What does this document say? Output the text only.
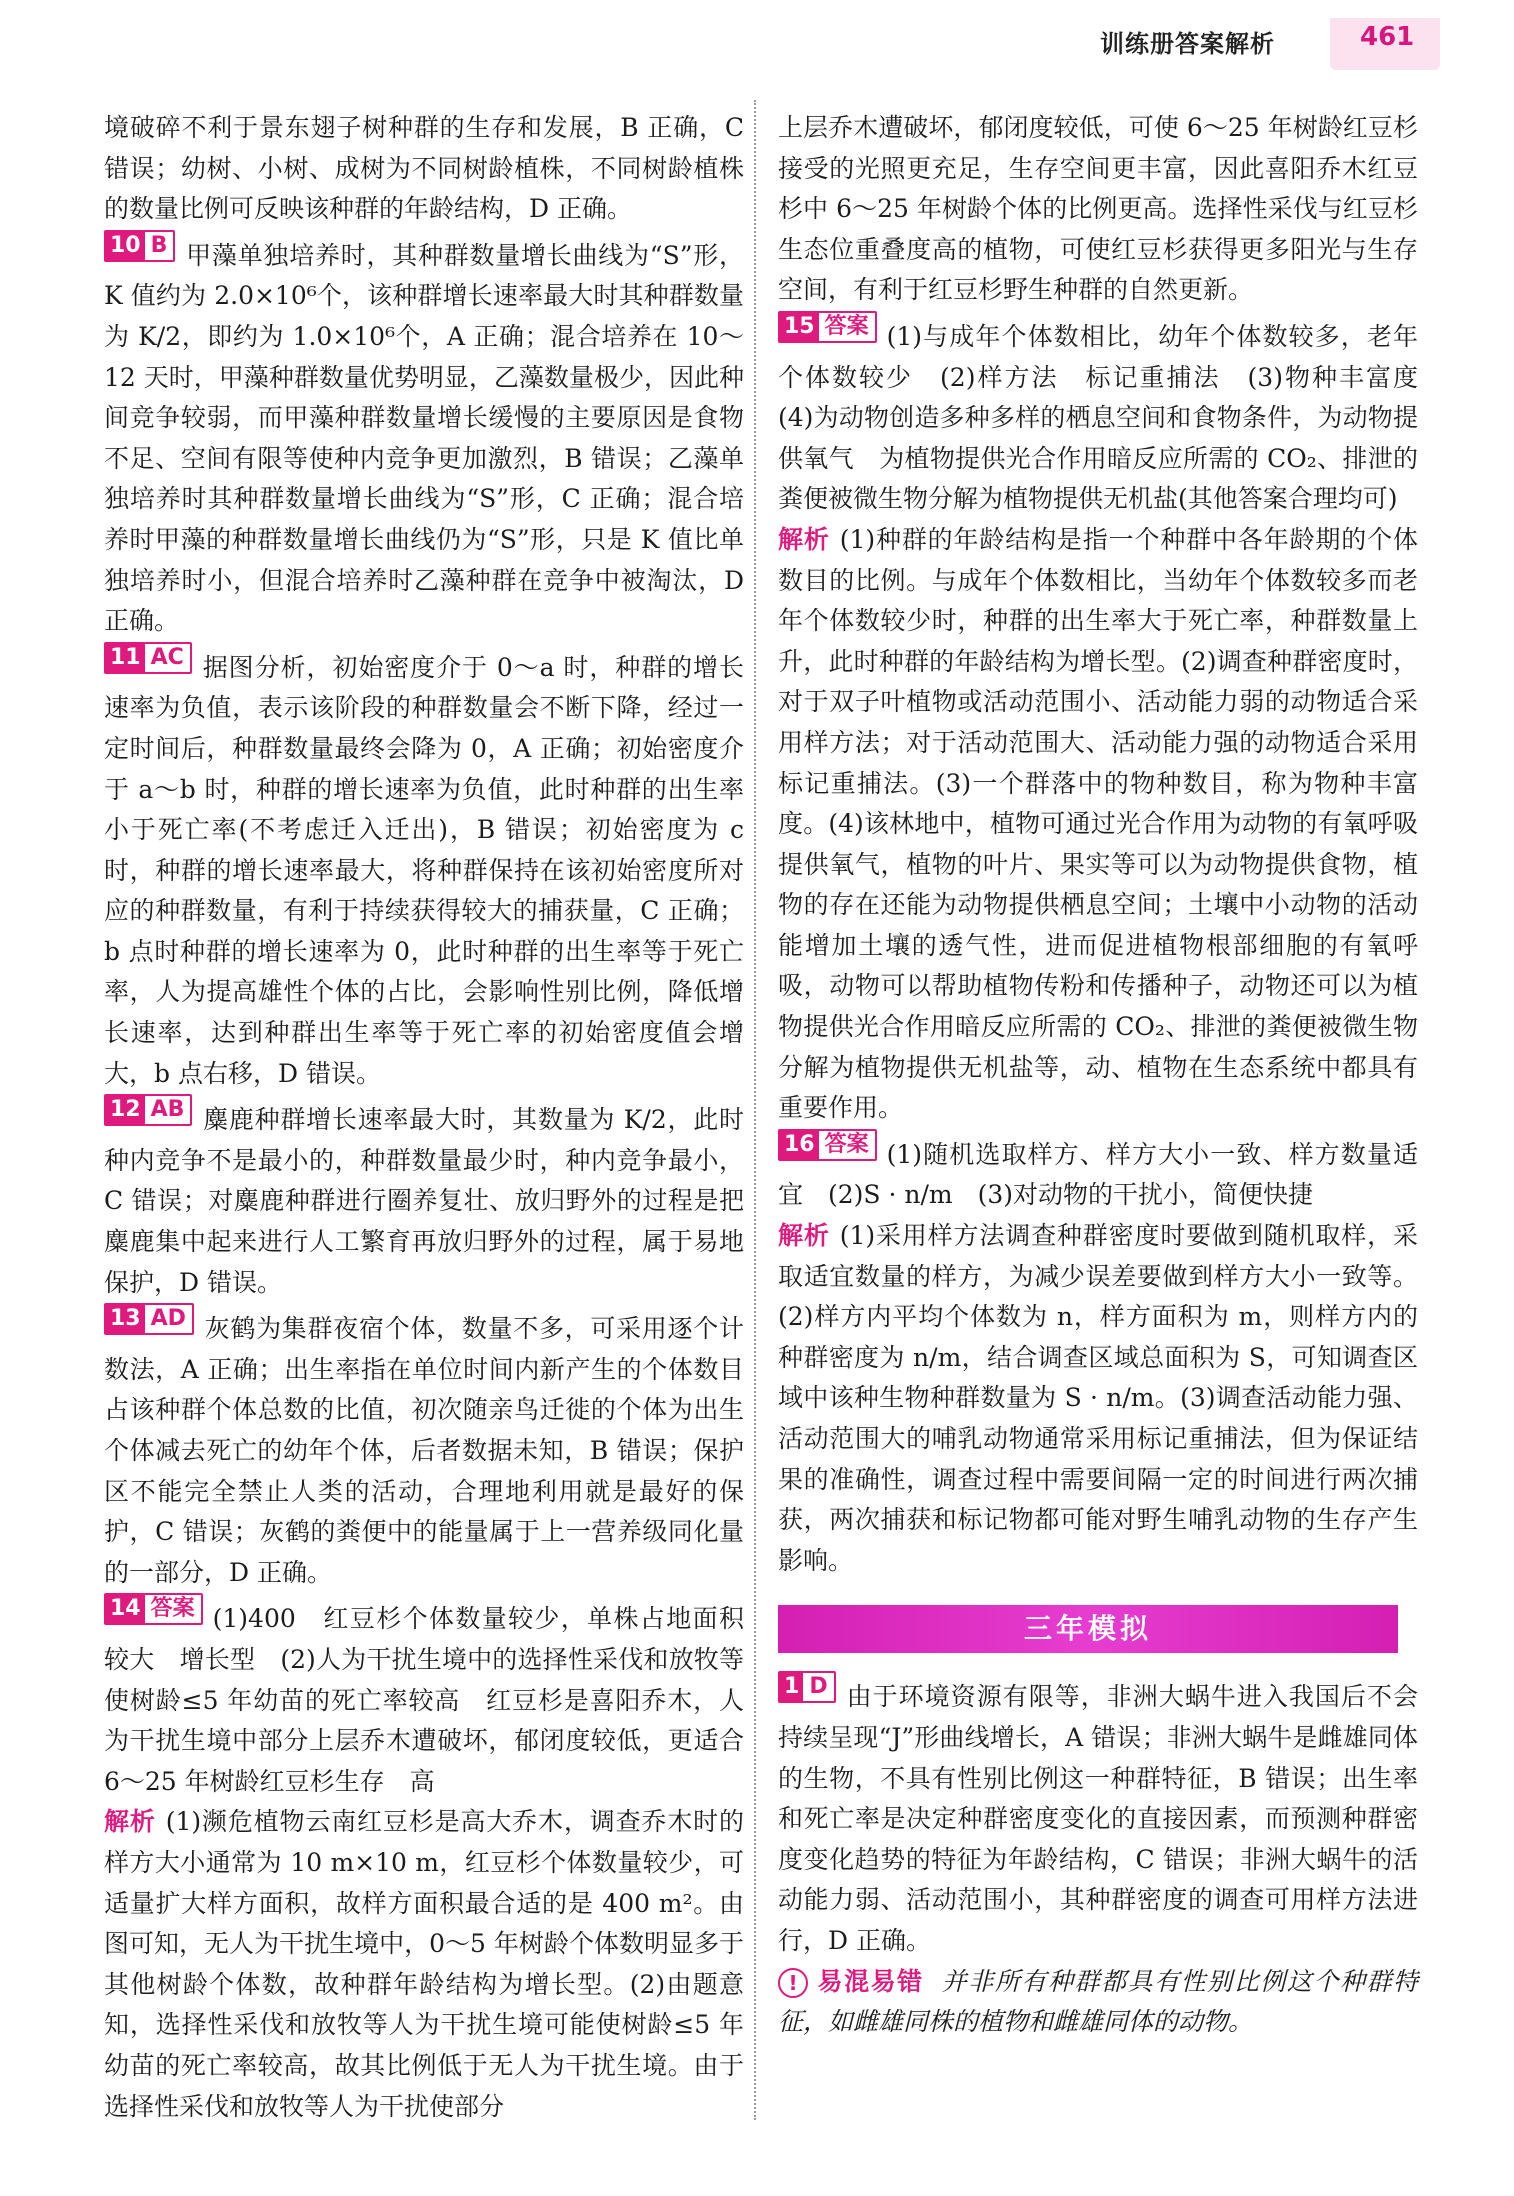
训练册答案解析	461

境破碎不利于景东翅子树种群的生存和发展，B 正确，C 错误；幼树、小树、成树为不同树龄植株，不同树龄植株的数量比例可反映该种群的年龄结构，D 正确。

10 B 甲藻单独培养时，其种群数量增长曲线为“S”形，K 值约为 2.0×10⁶个，该种群增长速率最大时其种群数量为 K/2，即约为 1.0×10⁶个，A 正确；混合培养在 10～12 天时，甲藻种群数量优势明显，乙藻数量极少，因此种间竞争较弱，而甲藻种群数量增长缓慢的主要原因是食物不足、空间有限等使种内竞争更加激烈，B 错误；乙藻单独培养时其种群数量增长曲线为“S”形，C 正确；混合培养时甲藻的种群数量增长曲线仍为“S”形，只是 K 值比单独培养时小，但混合培养时乙藻种群在竞争中被淘汰，D 正确。

11 AC 据图分析，初始密度介于 0～a 时，种群的增长速率为负值，表示该阶段的种群数量会不断下降，经过一定时间后，种群数量最终会降为 0，A 正确；初始密度介于 a～b 时，种群的增长速率为负值，此时种群的出生率小于死亡率(不考虑迁入迁出)，B 错误；初始密度为 c 时，种群的增长速率最大，将种群保持在该初始密度所对应的种群数量，有利于持续获得较大的捕获量，C 正确；b 点时种群的增长速率为 0，此时种群的出生率等于死亡率，人为提高雄性个体的占比，会影响性别比例，降低增长速率，达到种群出生率等于死亡率的初始密度值会增大，b 点右移，D 错误。

12 AB 麋鹿种群增长速率最大时，其数量为 K/2，此时种内竞争不是最小的，种群数量最少时，种内竞争最小，C 错误；对麋鹿种群进行圈养复壮、放归野外的过程是把麋鹿集中起来进行人工繁育再放归野外的过程，属于易地保护，D 错误。

13 AD 灰鹤为集群夜宿个体，数量不多，可采用逐个计数法，A 正确；出生率指在单位时间内新产生的个体数目占该种群个体总数的比值，初次随亲鸟迁徙的个体为出生个体减去死亡的幼年个体，后者数据未知，B 错误；保护区不能完全禁止人类的活动，合理地利用就是最好的保护，C 错误；灰鹤的粪便中的能量属于上一营养级同化量的一部分，D 正确。

14 答案 (1)400　红豆杉个体数量较少，单株占地面积较大　增长型　(2)人为干扰生境中的选择性采伐和放牧等使树龄≤5 年幼苗的死亡率较高　红豆杉是喜阳乔木，人为干扰生境中部分上层乔木遭破坏，郁闭度较低，更适合 6～25 年树龄红豆杉生存　高

解析 (1)濒危植物云南红豆杉是高大乔木，调查乔木时的样方大小通常为 10 m×10 m，红豆杉个体数量较少，可适量扩大样方面积，故样方面积最合适的是 400 m²。由图可知，无人为干扰生境中，0～5 年树龄个体数明显多于其他树龄个体数，故种群年龄结构为增长型。(2)由题意知，选择性采伐和放牧等人为干扰生境可能使树龄≤5 年幼苗的死亡率较高，故其比例低于无人为干扰生境。由于选择性采伐和放牧等人为干扰使部分

上层乔木遭破坏，郁闭度较低，可使 6～25 年树龄红豆杉接受的光照更充足，生存空间更丰富，因此喜阳乔木红豆杉中 6～25 年树龄个体的比例更高。选择性采伐与红豆杉生态位重叠度高的植物，可使红豆杉获得更多阳光与生存空间，有利于红豆杉野生种群的自然更新。

15 答案 (1)与成年个体数相比，幼年个体数较多，老年个体数较少　(2)样方法　标记重捕法　(3)物种丰富度　(4)为动物创造多种多样的栖息空间和食物条件，为动物提供氧气　为植物提供光合作用暗反应所需的 CO₂、排泄的粪便被微生物分解为植物提供无机盐(其他答案合理均可)

解析 (1)种群的年龄结构是指一个种群中各年龄期的个体数目的比例。与成年个体数相比，当幼年个体数较多而老年个体数较少时，种群的出生率大于死亡率，种群数量上升，此时种群的年龄结构为增长型。(2)调查种群密度时，对于双子叶植物或活动范围小、活动能力弱的动物适合采用样方法；对于活动范围大、活动能力强的动物适合采用标记重捕法。(3)一个群落中的物种数目，称为物种丰富度。(4)该林地中，植物可通过光合作用为动物的有氧呼吸提供氧气，植物的叶片、果实等可以为动物提供食物，植物的存在还能为动物提供栖息空间；土壤中小动物的活动能增加土壤的透气性，进而促进植物根部细胞的有氧呼吸，动物可以帮助植物传粉和传播种子，动物还可以为植物提供光合作用暗反应所需的 CO₂、排泄的粪便被微生物分解为植物提供无机盐等，动、植物在生态系统中都具有重要作用。

16 答案 (1)随机选取样方、样方大小一致、样方数量适宜　(2)S · n/m　(3)对动物的干扰小，简便快捷

解析 (1)采用样方法调查种群密度时要做到随机取样，采取适宜数量的样方，为减少误差要做到样方大小一致等。(2)样方内平均个体数为 n，样方面积为 m，则样方内的种群密度为 n/m，结合调查区域总面积为 S，可知调查区域中该种生物种群数量为 S · n/m。(3)调查活动能力强、活动范围大的哺乳动物通常采用标记重捕法，但为保证结果的准确性，调查过程中需要间隔一定的时间进行两次捕获，两次捕获和标记物都可能对野生哺乳动物的生存产生影响。

三年模拟

1 D 由于环境资源有限等，非洲大蜗牛进入我国后不会持续呈现“J”形曲线增长，A 错误；非洲大蜗牛是雌雄同体的生物，不具有性别比例这一种群特征，B 错误；出生率和死亡率是决定种群密度变化的直接因素，而预测种群密度变化趋势的特征为年龄结构，C 错误；非洲大蜗牛的活动能力弱、活动范围小，其种群密度的调查可用样方法进行，D 正确。

! 易混易错 并非所有种群都具有性别比例这个种群特征，如雌雄同株的植物和雌雄同体的动物。
